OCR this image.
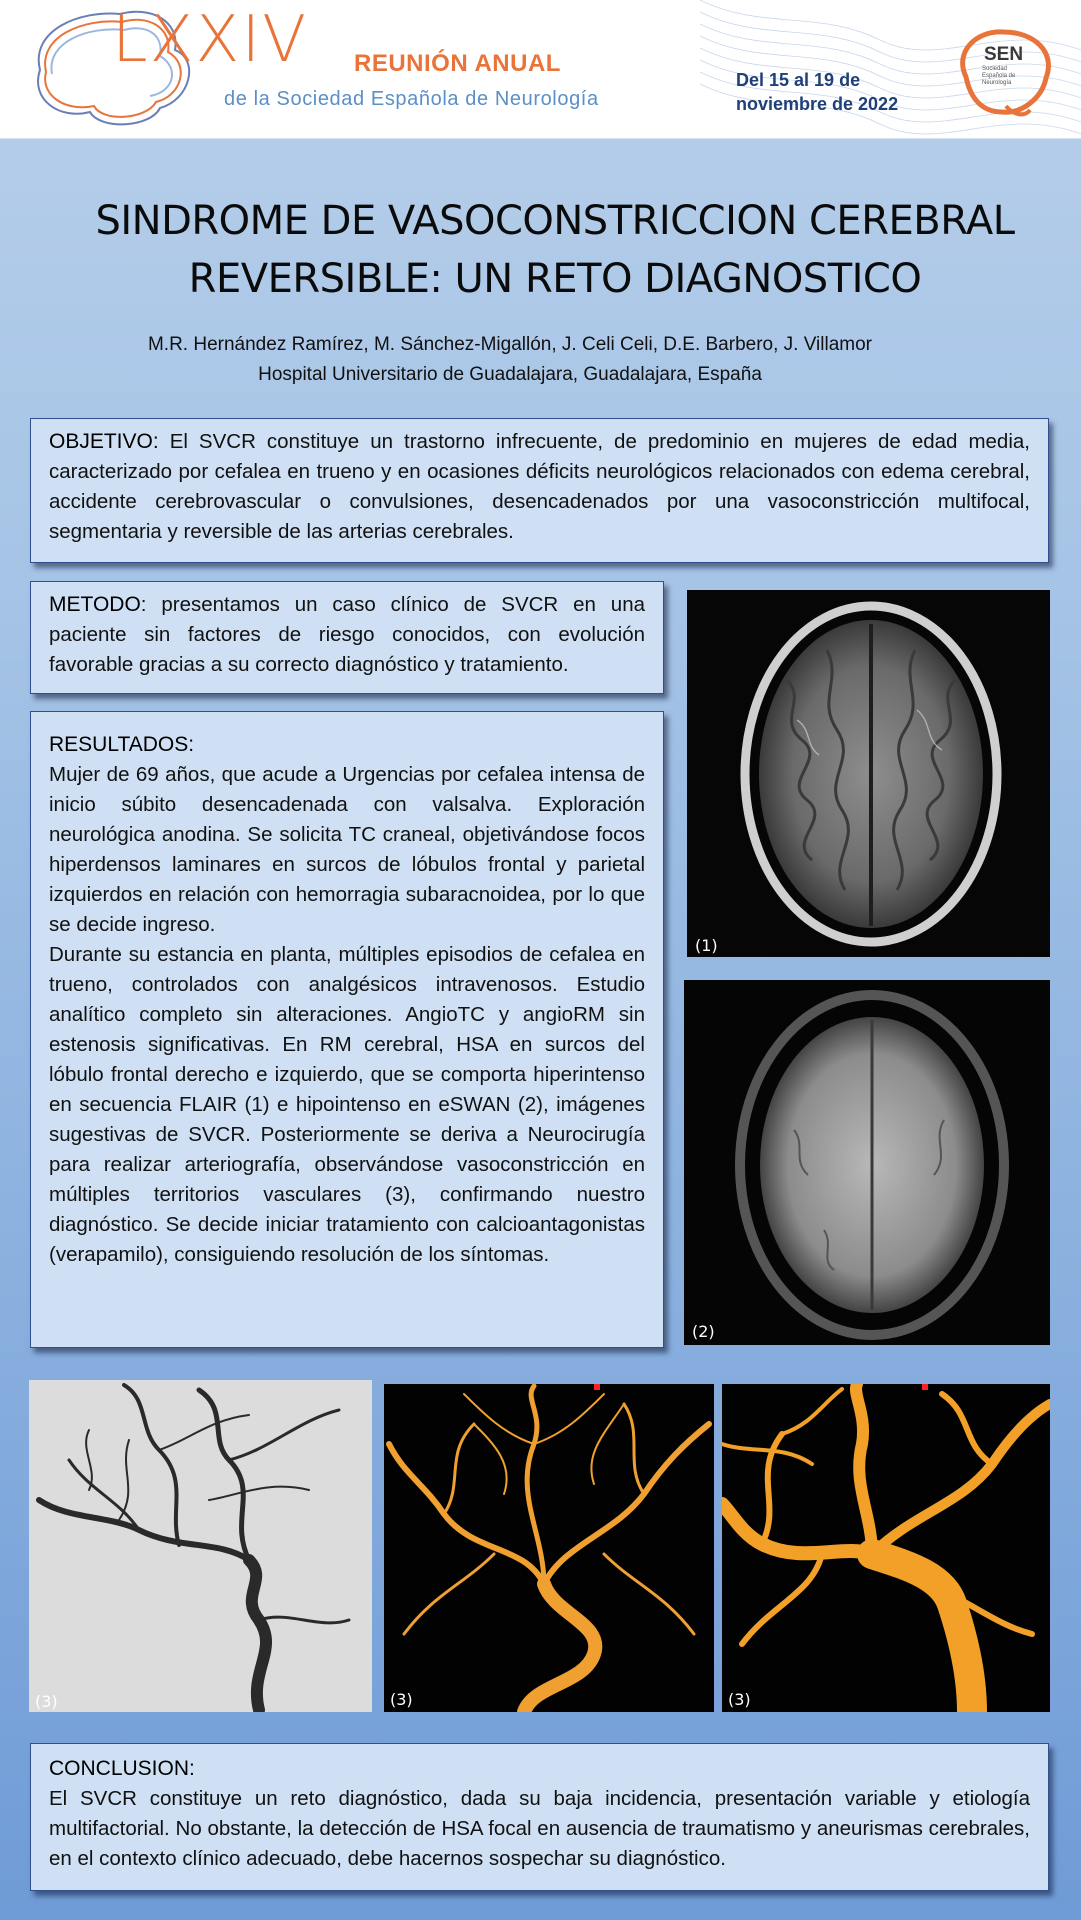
LXXIV REUNIÓN ANUAL
de la Sociedad Española de Neurología
Del 15 al 19 de
noviembre de 2022
SEN
Sociedad Española de Neurología
SINDROME DE VASOCONSTRICCION CEREBRAL
REVERSIBLE: UN RETO DIAGNOSTICO
M.R. Hernández Ramírez, M. Sánchez-Migallón, J. Celi Celi, D.E. Barbero, J. Villamor
Hospital Universitario de Guadalajara, Guadalajara, España
OBJETIVO: El SVCR constituye un trastorno infrecuente, de predominio en mujeres de edad media, caracterizado por cefalea en trueno y en ocasiones déficits neurológicos relacionados con edema cerebral, accidente cerebrovascular o convulsiones, desencadenados por una vasoconstricción multifocal, segmentaria y reversible de las arterias cerebrales.
METODO: presentamos un caso clínico de SVCR en una paciente sin factores de riesgo conocidos, con evolución favorable gracias a su correcto diagnóstico y tratamiento.
RESULTADOS:
Mujer de 69 años, que acude a Urgencias por cefalea intensa de inicio súbito desencadenada con valsalva. Exploración neurológica anodina. Se solicita TC craneal, objetivándose focos hiperdensos laminares en surcos de lóbulos frontal y parietal izquierdos en relación con hemorragia subaracnoidea, por lo que se decide ingreso.
Durante su estancia en planta, múltiples episodios de cefalea en trueno, controlados con analgésicos intravenosos. Estudio analítico completo sin alteraciones. AngioTC y angioRM sin estenosis significativas. En RM cerebral, HSA en surcos del lóbulo frontal derecho e izquierdo, que se comporta hiperintenso en secuencia FLAIR (1) e hipointenso en eSWAN (2), imágenes sugestivas de SVCR. Posteriormente se deriva a Neurocirugía para realizar arteriografía, observándose vasoconstricción en múltiples territorios vasculares (3), confirmando nuestro diagnóstico. Se decide iniciar tratamiento con calcioantagonistas (verapamilo), consiguiendo resolución de los síntomas.
(1)
(2)
(3)	(3)	(3)
CONCLUSION:
El SVCR constituye un reto diagnóstico, dada su baja incidencia, presentación variable y etiología multifactorial. No obstante, la detección de HSA focal en ausencia de traumatismo y aneurismas cerebrales, en el contexto clínico adecuado, debe hacernos sospechar su diagnóstico.
